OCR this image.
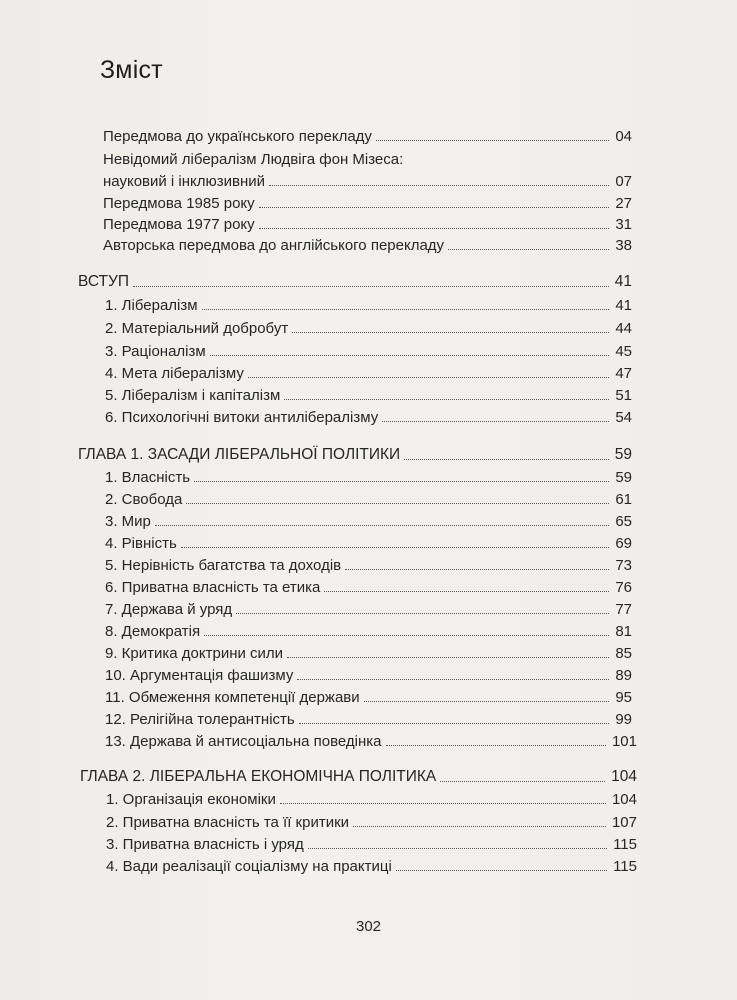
Зміст
Передмова до українського перекладу	04
Невідомий лібералізм Людвіга фон Мізеса:
науковий і інклюзивний	07
Передмова 1985 року	27
Передмова 1977 року	31
Авторська передмова до англійського перекладу	38
ВСТУП	41
1. Лібералізм	41
2. Матеріальний добробут	44
3. Раціоналізм	45
4. Мета лібералізму	47
5. Лібералізм і капіталізм	51
6. Психологічні витоки антилібералізму	54
ГЛАВА 1. ЗАСАДИ ЛІБЕРАЛЬНОЇ ПОЛІТИКИ	59
1. Власність	59
2. Свобода	61
3. Мир	65
4. Рівність	69
5. Нерівність багатства та доходів	73
6. Приватна власність та етика	76
7. Держава й уряд	77
8. Демократія	81
9. Критика доктрини сили	85
10. Аргументація фашизму	89
11. Обмеження компетенції держави	95
12. Релігійна толерантність	99
13. Держава й антисоціальна поведінка	101
ГЛАВА 2. ЛІБЕРАЛЬНА ЕКОНОМІЧНА ПОЛІТИКА	104
1. Організація економіки	104
2. Приватна власність та її критики	107
3. Приватна власність і уряд	115
4. Вади реалізації соціалізму на практиці	115
302
